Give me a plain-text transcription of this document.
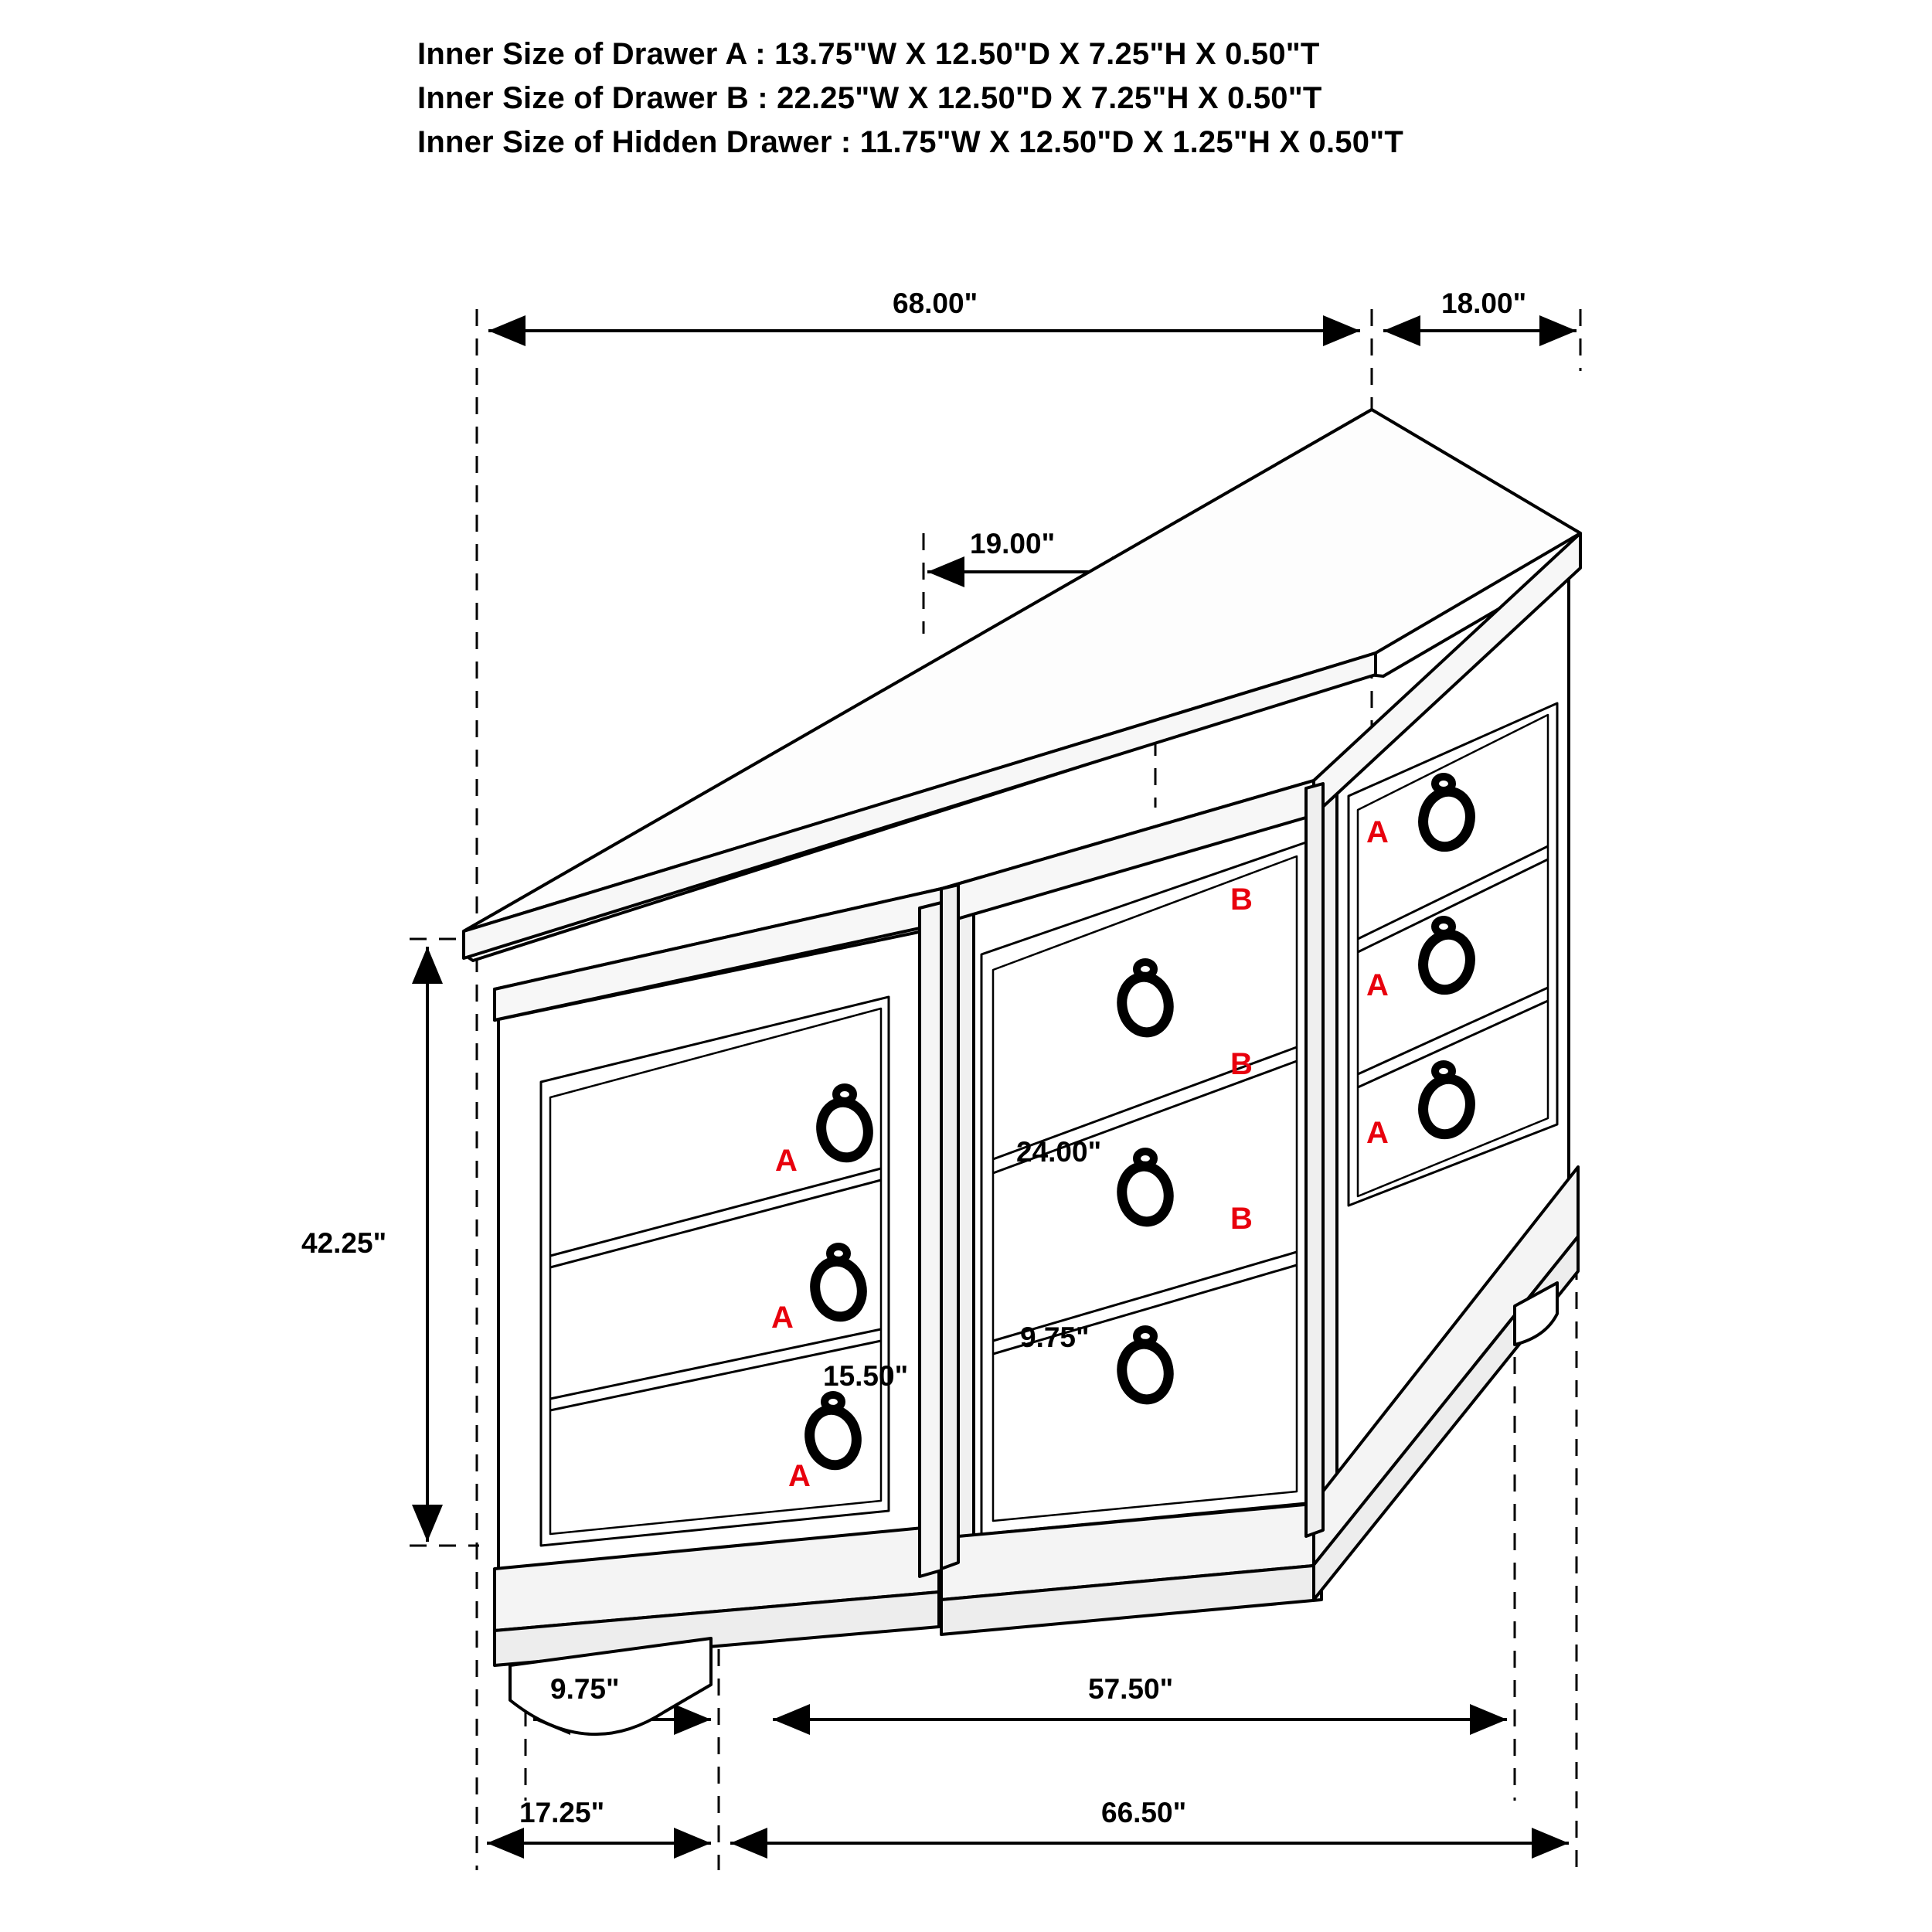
Inner Size of Drawer A : 13.75"W X 12.50"D X 7.25"H X 0.50"T
Inner Size of Drawer B : 22.25"W X 12.50"D X 7.25"H X 0.50"T
Inner Size of Hidden Drawer : 11.75"W X 12.50"D X 1.25"H X 0.50"T
68.00"	18.00"
19.00"
42.25"
24.00"
9.75"
15.50"
9.75"	57.50"
17.25"	66.50"
A
B
A
B
A
B
A
A
A
